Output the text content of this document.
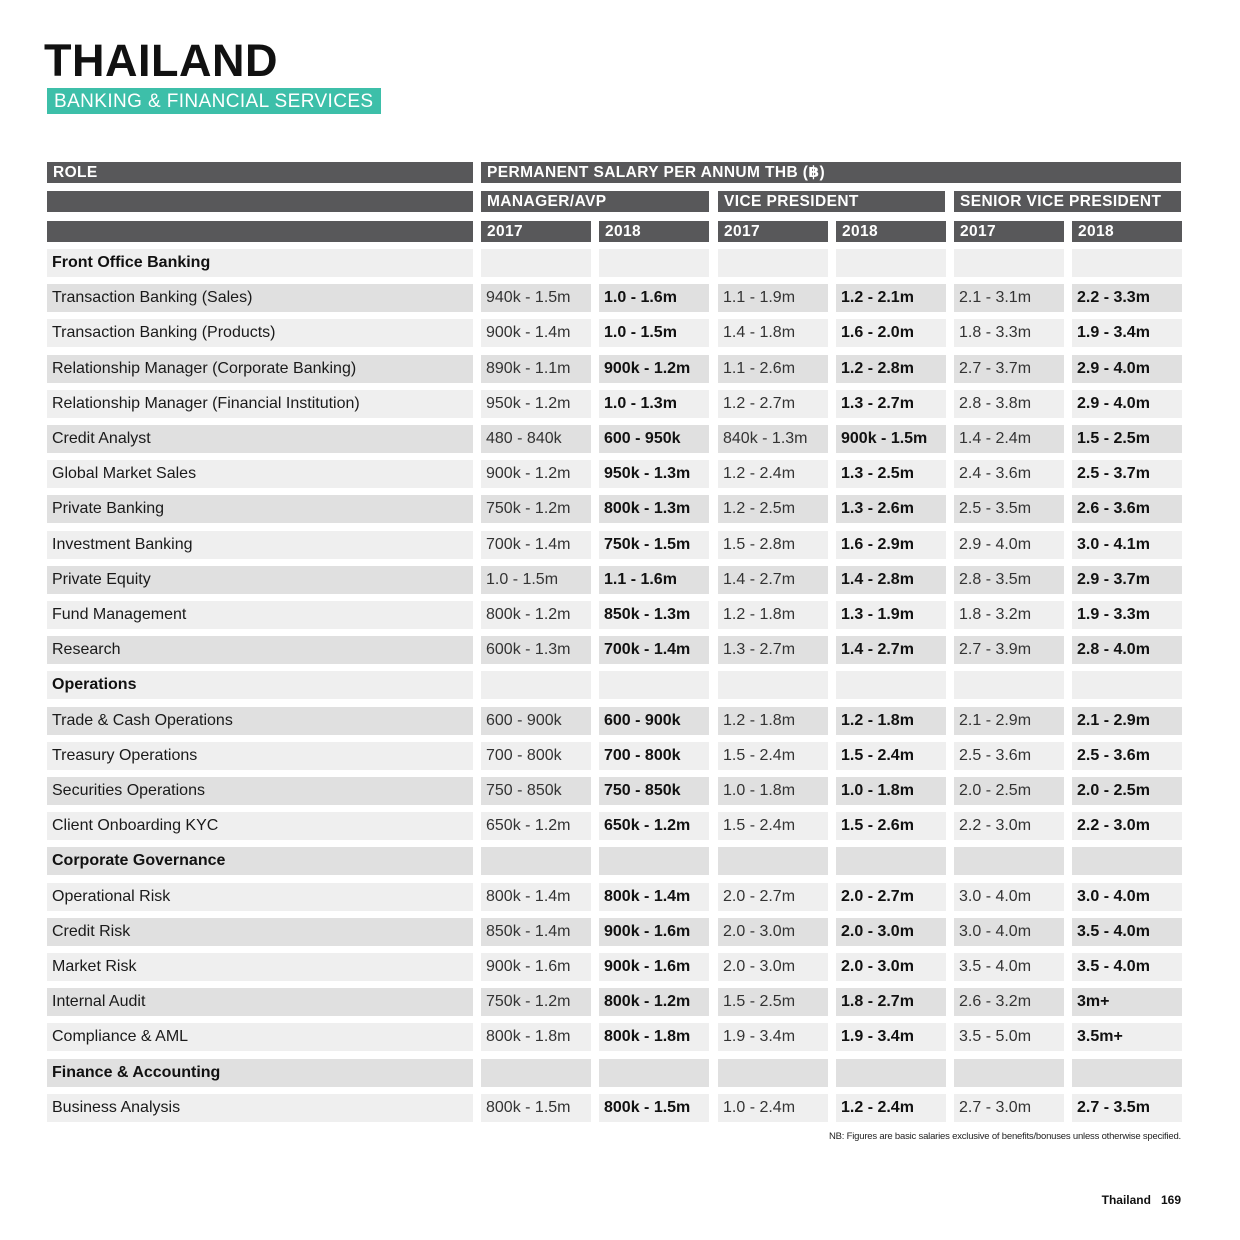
THAILAND
BANKING & FINANCIAL SERVICES
ROLE	PERMANENT SALARY PER ANNUM THB (฿)
MANAGER/AVP	VICE PRESIDENT	SENIOR VICE PRESIDENT
2017	2018	2017	2018	2017	2018
Front Office Banking
Transaction Banking (Sales)	940k - 1.5m	1.0 - 1.6m	1.1 - 1.9m	1.2 - 2.1m	2.1 - 3.1m	2.2 - 3.3m
Transaction Banking (Products)	900k - 1.4m	1.0 - 1.5m	1.4 - 1.8m	1.6 - 2.0m	1.8 - 3.3m	1.9 - 3.4m
Relationship Manager (Corporate Banking)	890k - 1.1m	900k - 1.2m	1.1 - 2.6m	1.2 - 2.8m	2.7 - 3.7m	2.9 - 4.0m
Relationship Manager (Financial Institution)	950k - 1.2m	1.0 - 1.3m	1.2 - 2.7m	1.3 - 2.7m	2.8 - 3.8m	2.9 - 4.0m
Credit Analyst	480 - 840k	600 - 950k	840k - 1.3m	900k - 1.5m	1.4 - 2.4m	1.5 - 2.5m
Global Market Sales	900k - 1.2m	950k - 1.3m	1.2 - 2.4m	1.3 - 2.5m	2.4 - 3.6m	2.5 - 3.7m
Private Banking	750k - 1.2m	800k - 1.3m	1.2 - 2.5m	1.3 - 2.6m	2.5 - 3.5m	2.6 - 3.6m
Investment Banking	700k - 1.4m	750k - 1.5m	1.5 - 2.8m	1.6 - 2.9m	2.9 - 4.0m	3.0 - 4.1m
Private Equity	1.0 - 1.5m	1.1 - 1.6m	1.4 - 2.7m	1.4 - 2.8m	2.8 - 3.5m	2.9 - 3.7m
Fund Management	800k - 1.2m	850k - 1.3m	1.2 - 1.8m	1.3 - 1.9m	1.8 - 3.2m	1.9 - 3.3m
Research	600k - 1.3m	700k - 1.4m	1.3 - 2.7m	1.4 - 2.7m	2.7 - 3.9m	2.8 - 4.0m
Operations
Trade & Cash Operations	600 - 900k	600 - 900k	1.2 - 1.8m	1.2 - 1.8m	2.1 - 2.9m	2.1 - 2.9m
Treasury Operations	700 - 800k	700 - 800k	1.5 - 2.4m	1.5 - 2.4m	2.5 - 3.6m	2.5 - 3.6m
Securities Operations	750 - 850k	750 - 850k	1.0 - 1.8m	1.0 - 1.8m	2.0 - 2.5m	2.0 - 2.5m
Client Onboarding KYC	650k - 1.2m	650k - 1.2m	1.5 - 2.4m	1.5 - 2.6m	2.2 - 3.0m	2.2 - 3.0m
Corporate Governance
Operational Risk	800k - 1.4m	800k - 1.4m	2.0 - 2.7m	2.0 - 2.7m	3.0 - 4.0m	3.0 - 4.0m
Credit Risk	850k - 1.4m	900k - 1.6m	2.0 - 3.0m	2.0 - 3.0m	3.0 - 4.0m	3.5 - 4.0m
Market Risk	900k - 1.6m	900k - 1.6m	2.0 - 3.0m	2.0 - 3.0m	3.5 - 4.0m	3.5 - 4.0m
Internal Audit	750k - 1.2m	800k - 1.2m	1.5 - 2.5m	1.8 - 2.7m	2.6 - 3.2m	3m+
Compliance & AML	800k - 1.8m	800k - 1.8m	1.9 - 3.4m	1.9 - 3.4m	3.5 - 5.0m	3.5m+
Finance & Accounting
Business Analysis	800k - 1.5m	800k - 1.5m	1.0 - 2.4m	1.2 - 2.4m	2.7 - 3.0m	2.7 - 3.5m
NB: Figures are basic salaries exclusive of benefits/bonuses unless otherwise specified.
Thailand 169
